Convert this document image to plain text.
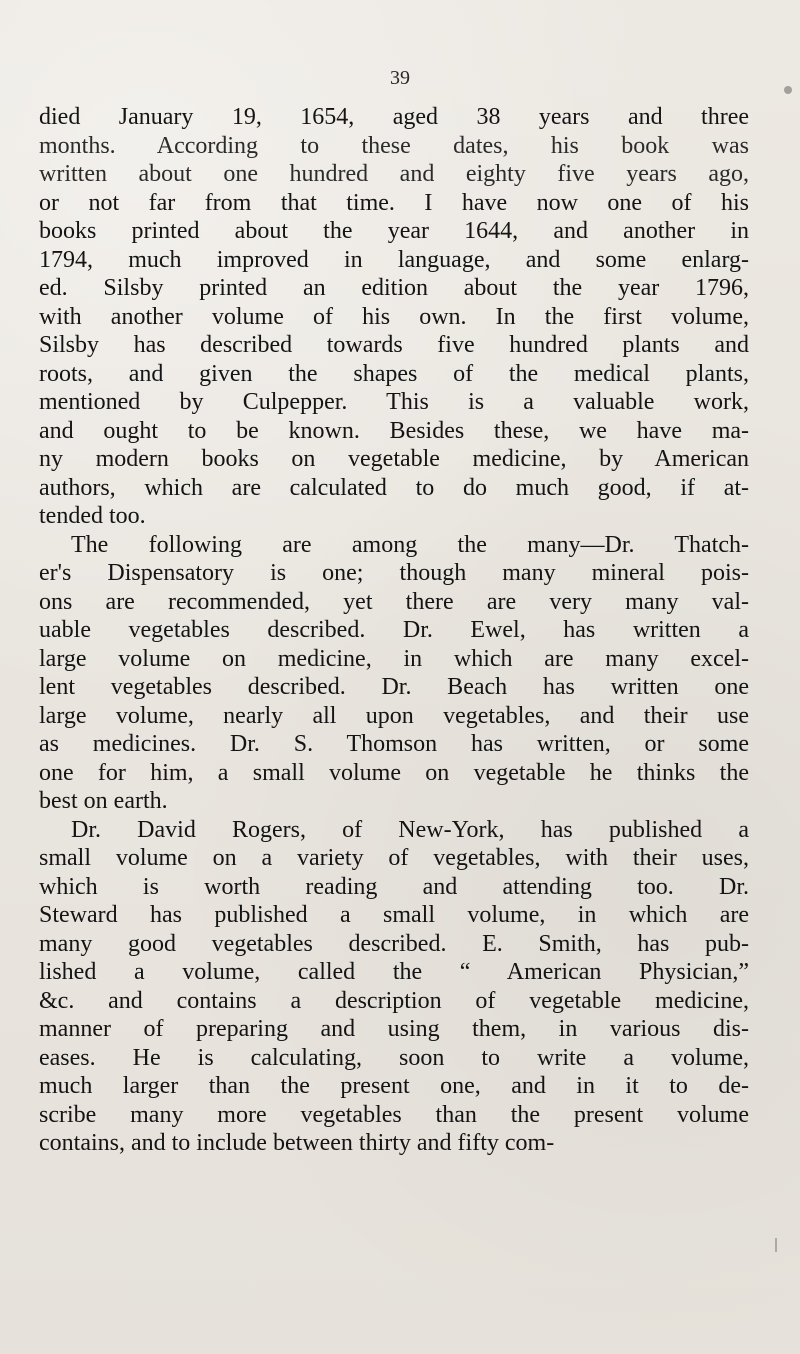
39
died January 19, 1654, aged 38 years and three
months. According to these dates, his book was
written about one hundred and eighty five years ago,
or not far from that time. I have now one of his
books printed about the year 1644, and another in
1794, much improved in language, and some enlarg-
ed. Silsby printed an edition about the year 1796,
with another volume of his own. In the first volume,
Silsby has described towards five hundred plants and
roots, and given the shapes of the medical plants,
mentioned by Culpepper. This is a valuable work,
and ought to be known. Besides these, we have ma-
ny modern books on vegetable medicine, by American
authors, which are calculated to do much good, if at-
tended too.
The following are among the many—Dr. Thatch-
er's Dispensatory is one; though many mineral pois-
ons are recommended, yet there are very many val-
uable vegetables described. Dr. Ewel, has written a
large volume on medicine, in which are many excel-
lent vegetables described. Dr. Beach has written one
large volume, nearly all upon vegetables, and their use
as medicines. Dr. S. Thomson has written, or some
one for him, a small volume on vegetable he thinks the
best on earth.
Dr. David Rogers, of New-York, has published a
small volume on a variety of vegetables, with their uses,
which is worth reading and attending too. Dr.
Steward has published a small volume, in which are
many good vegetables described. E. Smith, has pub-
lished a volume, called the “ American Physician,”
&c. and contains a description of vegetable medicine,
manner of preparing and using them, in various dis-
eases. He is calculating, soon to write a volume,
much larger than the present one, and in it to de-
scribe many more vegetables than the present volume
contains, and to include between thirty and fifty com-
